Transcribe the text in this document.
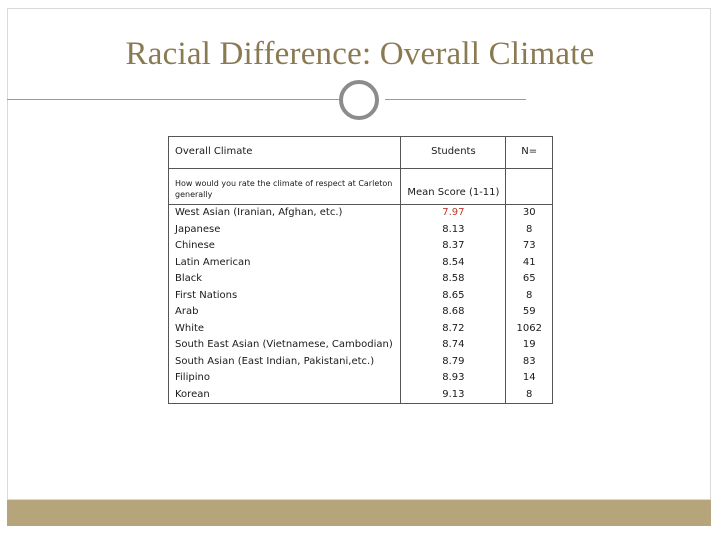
Racial Difference: Overall Climate
Overall Climate	Students	N=
How would you rate the climate of respect at Carleton generally	Mean Score (1-11)	
West Asian (Iranian, Afghan, etc.)	7.97	30
Japanese	8.13	8
Chinese	8.37	73
Latin American	8.54	41
Black	8.58	65
First Nations	8.65	8
Arab	8.68	59
White	8.72	1062
South East Asian (Vietnamese, Cambodian)	8.74	19
South Asian (East Indian, Pakistani,etc.)	8.79	83
Filipino	8.93	14
Korean	9.13	8
